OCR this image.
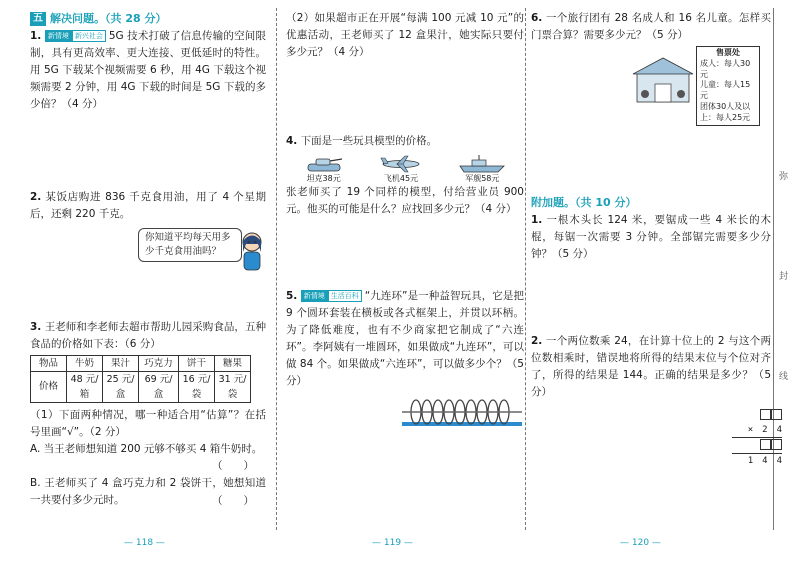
五 解决问题。（共 28 分）

1. 新情境 新兴社会 5G 技术打破了信息传输的空间限制，具有更高效率、更大连接、更低延时的特性。用 5G 下载某个视频需要 6 秒，用 4G 下载这个视频需要 2 分钟，用 4G 下载的时间是 5G 下载的多少倍？（4 分）

2. 某饭店购进 836 千克食用油，用了 4 个星期后，还剩 220 千克。

你知道平均每天用多少千克食用油吗？

3. 王老师和李老师去超市帮助儿园采购食品，五种食品的价格如下表：（6 分）

物品	牛奶	果汁	巧克力	饼干	糖果
价格	48 元/箱	25 元/盒	69 元/盒	16 元/袋	31 元/袋

（1）下面两种情况，哪一种适合用“估算”？在括号里画“√”。（2 分）

A. 当王老师想知道 200 元够不够买 4 箱牛奶时。

（　　）

B. 王老师买了 4 盒巧克力和 2 袋饼干，她想知道一共要付多少元时。	（　　）

（2）如果超市正在开展“每满 100 元减 10 元”的优惠活动，王老师买了 12 盒果汁，她实际只要付多少元？（4 分）

4. 下面是一些玩具模型的价格。

坦克38元	飞机45元	军舰58元

张老师买了 19 个同样的模型，付给营业员 900 元。他买的可能是什么？应找回多少元？（4 分）

5. 新情境 生活百科 “九连环”是一种益智玩具，它是把 9 个圆环套装在横板或各式框架上，并贯以环柄。为了降低难度，也有不少商家把它制成了“六连环”。李阿姨有一堆圆环，如果做成“九连环”，可以做 84 个。如果做成“六连环”，可以做多少个？（5 分）

6. 一个旅行团有 28 名成人和 16 名儿童。怎样买门票合算？需要多少元？（5 分）

售票处
成人：每人30元
儿童：每人15元
团体30人及以上：每人25元
附加题。（共 10 分）

1. 一根木头长 124 米，要锯成一些 4 米长的木棍，每锯一次需要 3 分钟。全部锯完需要多少分钟？（5 分）

2. 一个两位数乘 24，在计算十位上的 2 与这个两位数相乘时，错误地将所得的结果末位与个位对齐了，所得的结果是 144。正确的结果是多少？（5 分）

×　2　4
1　4　4
— 118 —	— 119 —	— 120 —
弥
封
线
